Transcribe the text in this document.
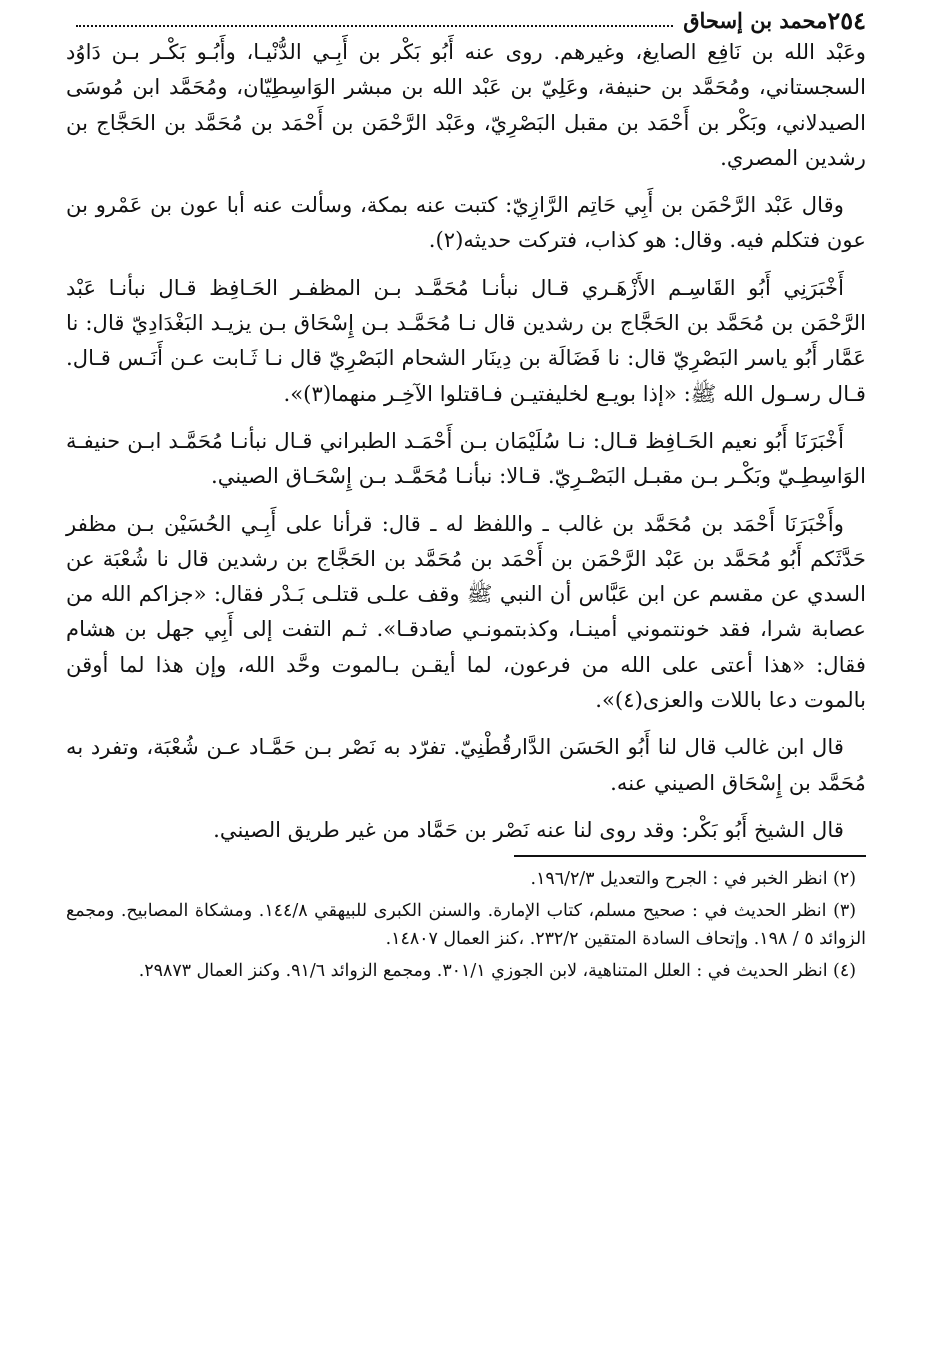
٢٥٤
محمد بن إسحاق

وعَبْد الله بن نَافِع الصايغ، وغيرهم. روى عنه أَبُو بَكْر بن أَبِـي الدُّنْيـا، وأَبُـو بَكْـر بـن دَاوُد السجستاني، ومُحَمَّد بن حنيفة، وعَلِيّ بن عَبْد الله بن مبشر الوَاسِطِيّان، ومُحَمَّد ابن مُوسَى الصيدلاني، وبَكْر بن أَحْمَد بن مقبل البَصْرِيّ، وعَبْد الرَّحْمَن بن أَحْمَد بن مُحَمَّد بن الحَجَّاج بن رشدين المصري.

وقال عَبْد الرَّحْمَن بن أَبِي حَاتِم الرَّازِيّ: كتبت عنه بمكة، وسألت عنه أبا عون بن عَمْرو بن عون فتكلم فيه. وقال: هو كذاب، فتركت حديثه(٢).

أَخْبَرَنِي أَبُو القَاسِـم الأَزْهَـري قـال نبأنـا مُحَمَّـد بـن المظفـر الحَـافِظ قـال نبأنـا عَبْد الرَّحْمَن بن مُحَمَّد بن الحَجَّاج بن رشدين قال نـا مُحَمَّـد بـن إِسْحَاق بـن يزيـد البَغْدَادِيّ قال: نا عَمَّار أَبُو ياسر البَصْرِيّ قال: نا فَضَالَة بن دِينَار الشحام البَصْرِيّ قال نـا ثَـابت عـن أَنَـس قـال. قـال رسـول الله ﷺ: «إذا بويـع لخليفتيـن فـاقتلوا الآخِـر منهما(٣)».

أَخْبَرَنَا أَبُو نعيم الحَـافِظ قـال: نـا سُلَيْمَان بـن أَحْمَـد الطبراني قـال نبأنـا مُحَمَّـد ابـن حنيفـة الوَاسِطِـيّ وبَكْـر بـن مقبـل البَصْـرِيّ. قـالا: نبأنـا مُحَمَّـد بـن إِسْحَـاق الصيني.

وأَخْبَرَنَا أَحْمَد بن مُحَمَّد بن غالب ـ واللفظ له ـ قال: قرأنا على أَبِـي الحُسَيْن بـن مظفر حَدَّثَكم أَبُو مُحَمَّد بن عَبْد الرَّحْمَن بن أَحْمَد بن مُحَمَّد بن الحَجَّاج بن رشدين قال نا شُعْبَة عن السدي عن مقسم عن ابن عَبَّاس أن النبي ﷺ وقف علـى قتلـى بَـدْر فقال: «جزاكم الله من عصابة شرا، فقد خونتموني أمينـا، وكذبتمونـي صادقـا». ثـم التفت إلى أَبِي جهل بن هشام فقال: «هذا أعتى على الله من فرعون، لما أيقـن بـالموت وحَّد الله، وإن هذا لما أوقن بالموت دعا باللات والعزى(٤)».

قال ابن غالب قال لنا أَبُو الحَسَن الدَّارقُطْنِيّ. تفرّد به نَصْر بـن حَمَّـاد عـن شُعْبَة، وتفرد به مُحَمَّد بن إِسْحَاق الصيني عنه.

قال الشيخ أَبُو بَكْر: وقد روى لنا عنه نَصْر بن حَمَّاد من غير طريق الصيني.

(٢) انظر الخبر في : الجرح والتعديل ١٩٦/٢/٣.

(٣) انظر الحديث في : صحيح مسلم، كتاب الإمارة. والسنن الكبرى للبيهقي ١٤٤/٨. ومشكاة المصابيح. ومجمع الزوائد ٥ / ١٩٨. وإتحاف السادة المتقين ٢٣٢/٢. ،كنز العمال ١٤٨٠٧.

(٤) انظر الحديث في : العلل المتناهية، لابن الجوزي ٣٠١/١. ومجمع الزوائد ٩١/٦. وكنز العمال ٢٩٨٧٣.
